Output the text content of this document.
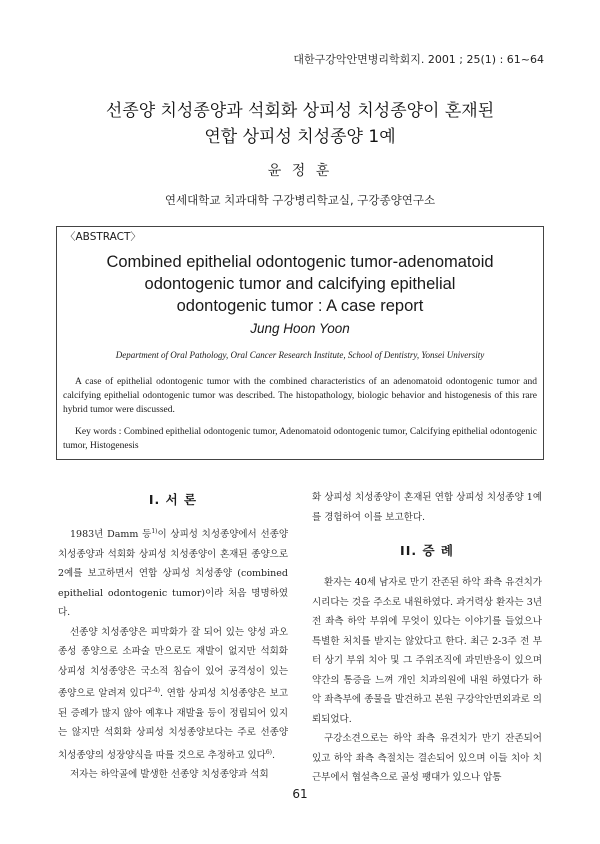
대한구강악안면병리학회지. 2001 ; 25(1) : 61~64
선종양 치성종양과 석회화 상피성 치성종양이 혼재된
연합 상피성 치성종양 1예
윤 정 훈
연세대학교 치과대학 구강병리학교실, 구강종양연구소
〈ABSTRACT〉
Combined epithelial odontogenic tumor-adenomatoid
odontogenic tumor and calcifying epithelial
odontogenic tumor : A case report
Jung Hoon Yoon
Department of Oral Pathology, Oral Cancer Research Institute, School of Dentistry, Yonsei University

A case of epithelial odontogenic tumor with the combined characteristics of an adenomatoid odontogenic tumor and calcifying epithelial odontogenic tumor was described. The histopathology, biologic behavior and histogenesis of this rare hybrid tumor were discussed.

Key words : Combined epithelial odontogenic tumor, Adenomatoid odontogenic tumor, Calcifying epithelial odontogenic tumor, Histogenesis

I. 서 론

1983년 Damm 등$^{1)}$이 상피성 치성종양에서 선종양 치성종양과 석회화 상피성 치성종양이 혼재된 종양으로 2예를 보고하면서 연합 상피성 치성종양 (combined epithelial odontogenic tumor)이라 처음 명명하였다.

선종양 치성종양은 피막화가 잘 되어 있는 양성 과오종성 종양으로 소파술 만으로도 재발이 없지만 석회화 상피성 치성종양은 국소적 침습이 있어 공격성이 있는 종양으로 알려져 있다$^{2-4)}$. 연합 상피성 치성종양은 보고된 증례가 많지 않아 예후나 재발율 등이 정립되어 있지는 않지만 석회화 상피성 치성종양보다는 주로 선종양 치성종양의 성장양식을 따를 것으로 추정하고 있다$^{6)}$.

저자는 하악골에 발생한 선종양 치성종양과 석회

화 상피성 치성종양이 혼재된 연합 상피성 치성종양 1예를 경험하여 이를 보고한다.

II. 증 례

환자는 40세 남자로 만기 잔존된 하악 좌측 유견치가 시리다는 것을 주소로 내원하였다. 과거력상 환자는 3년 전 좌측 하악 부위에 무엇이 있다는 이야기를 들었으나 특별한 처치를 받지는 않았다고 한다. 최근 2-3주 전 부터 상기 부위 치아 및 그 주위조직에 과민반응이 있으며 약간의 통증을 느껴 개인 치과의원에 내원 하였다가 하악 좌측부에 종물을 발견하고 본원 구강악안면외과로 의뢰되었다.

구강소견으로는 하악 좌측 유견치가 만기 잔존되어 있고 하악 좌측 측절치는 결손되어 있으며 이들 치아 치근부에서 협설측으로 골성 팽대가 있으나 압통

61
